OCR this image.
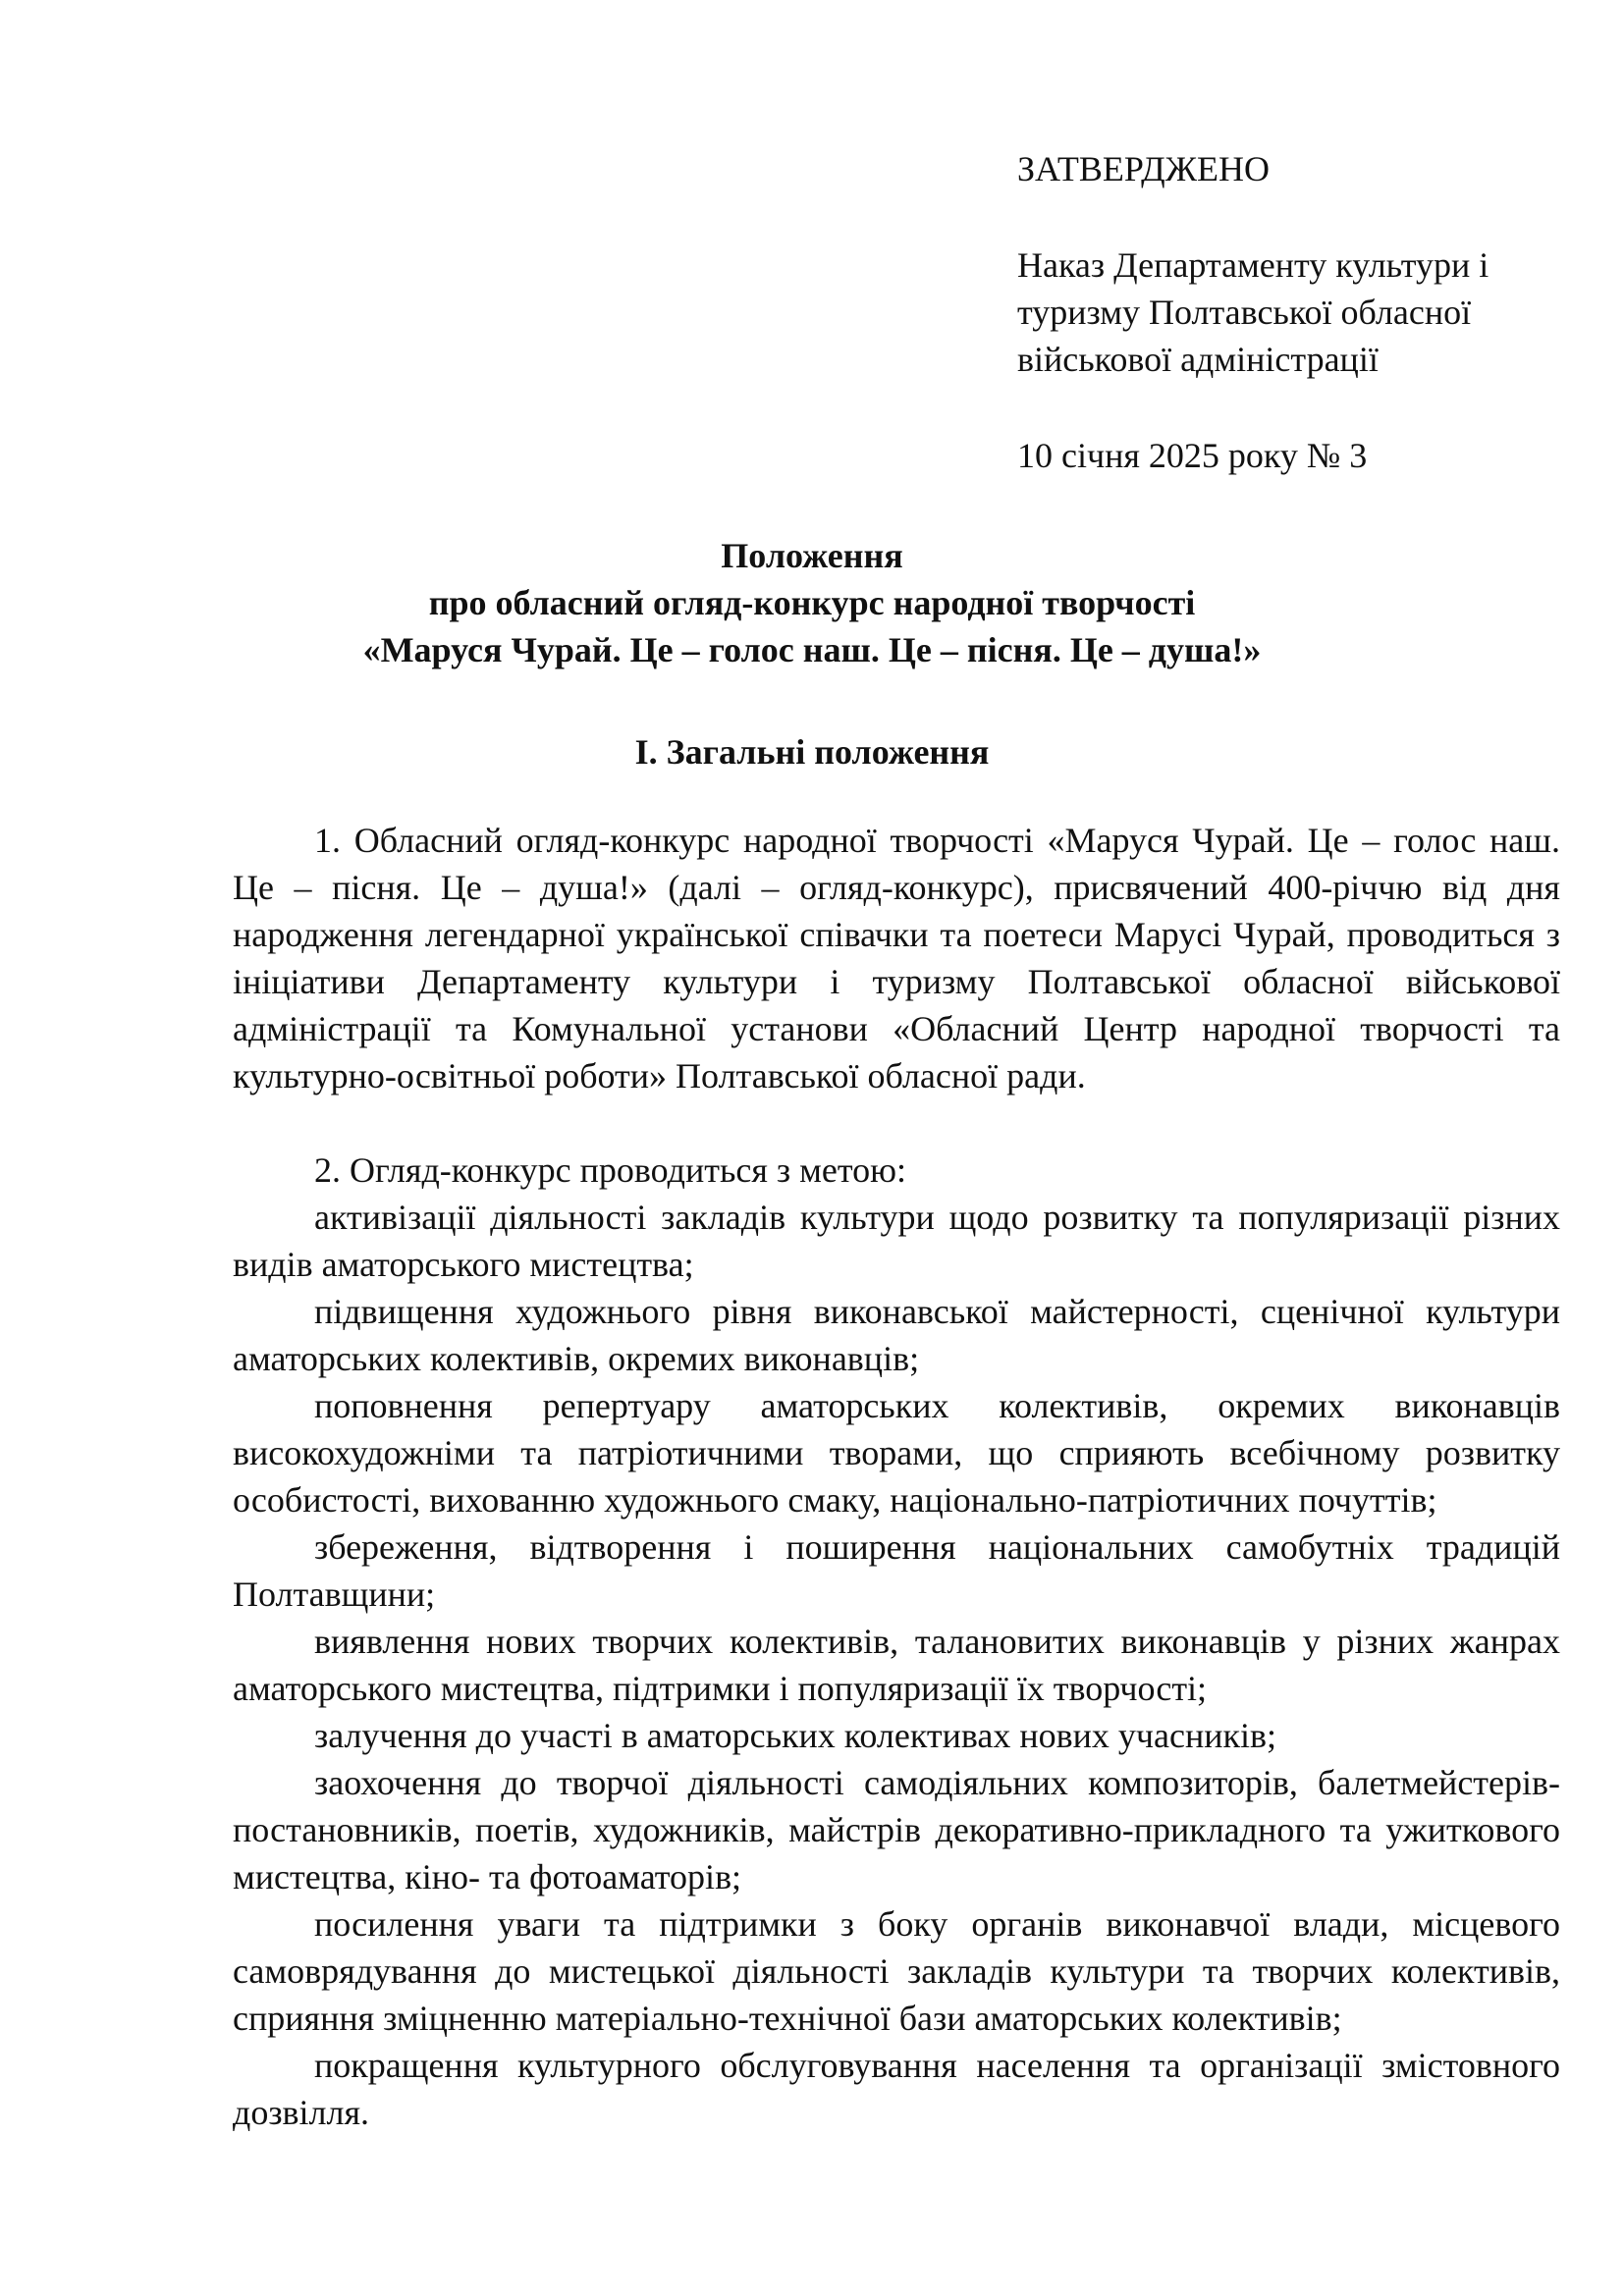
ЗАТВЕРДЖЕНО
Наказ Департаменту культури і
туризму Полтавської обласної
військової адміністрації
10 січня 2025 року № 3
Положення
про обласний огляд-конкурс народної творчості
«Маруся Чурай. Це – голос наш. Це – пісня. Це – душа!»
І. Загальні положення

1. Обласний огляд-конкурс народної творчості «Маруся Чурай. Це – голос наш. Це – пісня. Це – душа!» (далі – огляд-конкурс), присвячений 400-річчю від дня народження легендарної української співачки та поетеси Марусі Чурай, проводиться з ініціативи Департаменту культури і туризму Полтавської обласної військової адміністрації та Комунальної установи «Обласний Центр народної творчості та культурно-освітньої роботи» Полтавської обласної ради.

2. Огляд-конкурс проводиться з метою:

активізації діяльності закладів культури щодо розвитку та популяризації різних видів аматорського мистецтва;

підвищення художнього рівня виконавської майстерності, сценічної культури аматорських колективів, окремих виконавців;

поповнення репертуару аматорських колективів, окремих виконавців високохудожніми та патріотичними творами, що сприяють всебічному розвитку особистості, вихованню художнього смаку, національно-патріотичних почуттів;

збереження, відтворення і поширення національних самобутніх традицій Полтавщини;

виявлення нових творчих колективів, талановитих виконавців у різних жанрах аматорського мистецтва, підтримки і популяризації їх творчості;

залучення до участі в аматорських колективах нових учасників;

заохочення до творчої діяльності самодіяльних композиторів, балетмейстерів-постановників, поетів, художників, майстрів декоративно-прикладного та ужиткового мистецтва, кіно- та фотоаматорів;

посилення уваги та підтримки з боку органів виконавчої влади, місцевого самоврядування до мистецької діяльності закладів культури та творчих колективів, сприяння зміцненню матеріально-технічної бази аматорських колективів;

покращення культурного обслуговування населення та організації змістовного дозвілля.
